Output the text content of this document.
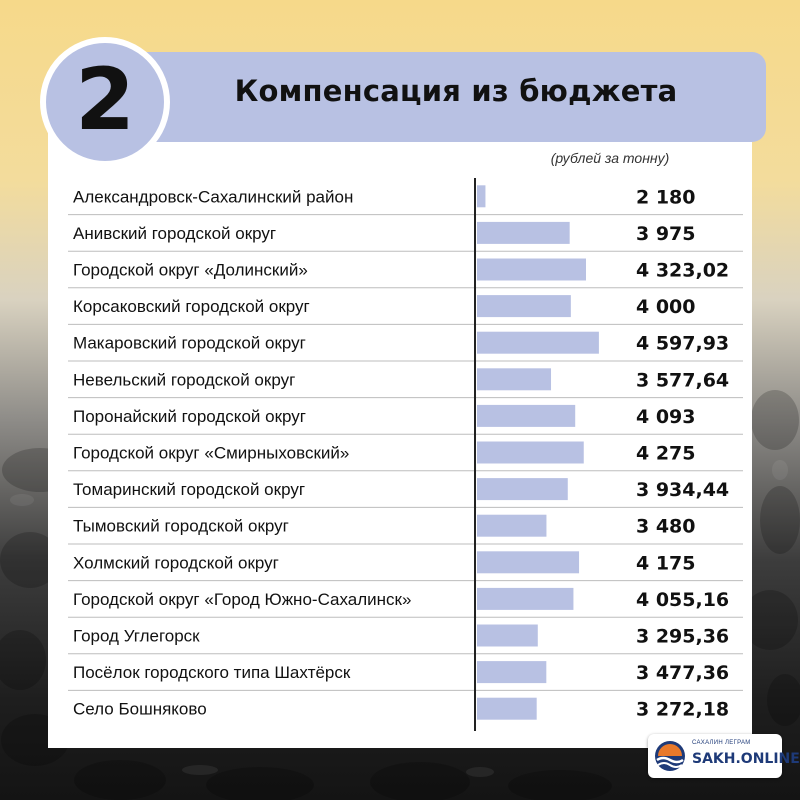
2	Компенсация из бюджета
(рублей за тонну)
Александровск-Сахалинский район	2 180
Анивский городской округ	3 975
Городской округ «Долинский»	4 323,02
Корсаковский городской округ	4 000
Макаровский городской округ	4 597,93
Невельский городской округ	3 577,64
Поронайский городской округ	4 093
Городской округ «Смирныховский»	4 275
Томаринский городской округ	3 934,44
Тымовский городской округ	3 480
Холмский городской округ	4 175
Городской округ «Город Южно-Сахалинск»	4 055,16
Город Углегорск	3 295,36
Посёлок городского типа Шахтёрск	3 477,36
Село Бошняково	3 272,18
САХАЛИН ЛЕГРАМ
SAKH.ONLINE
